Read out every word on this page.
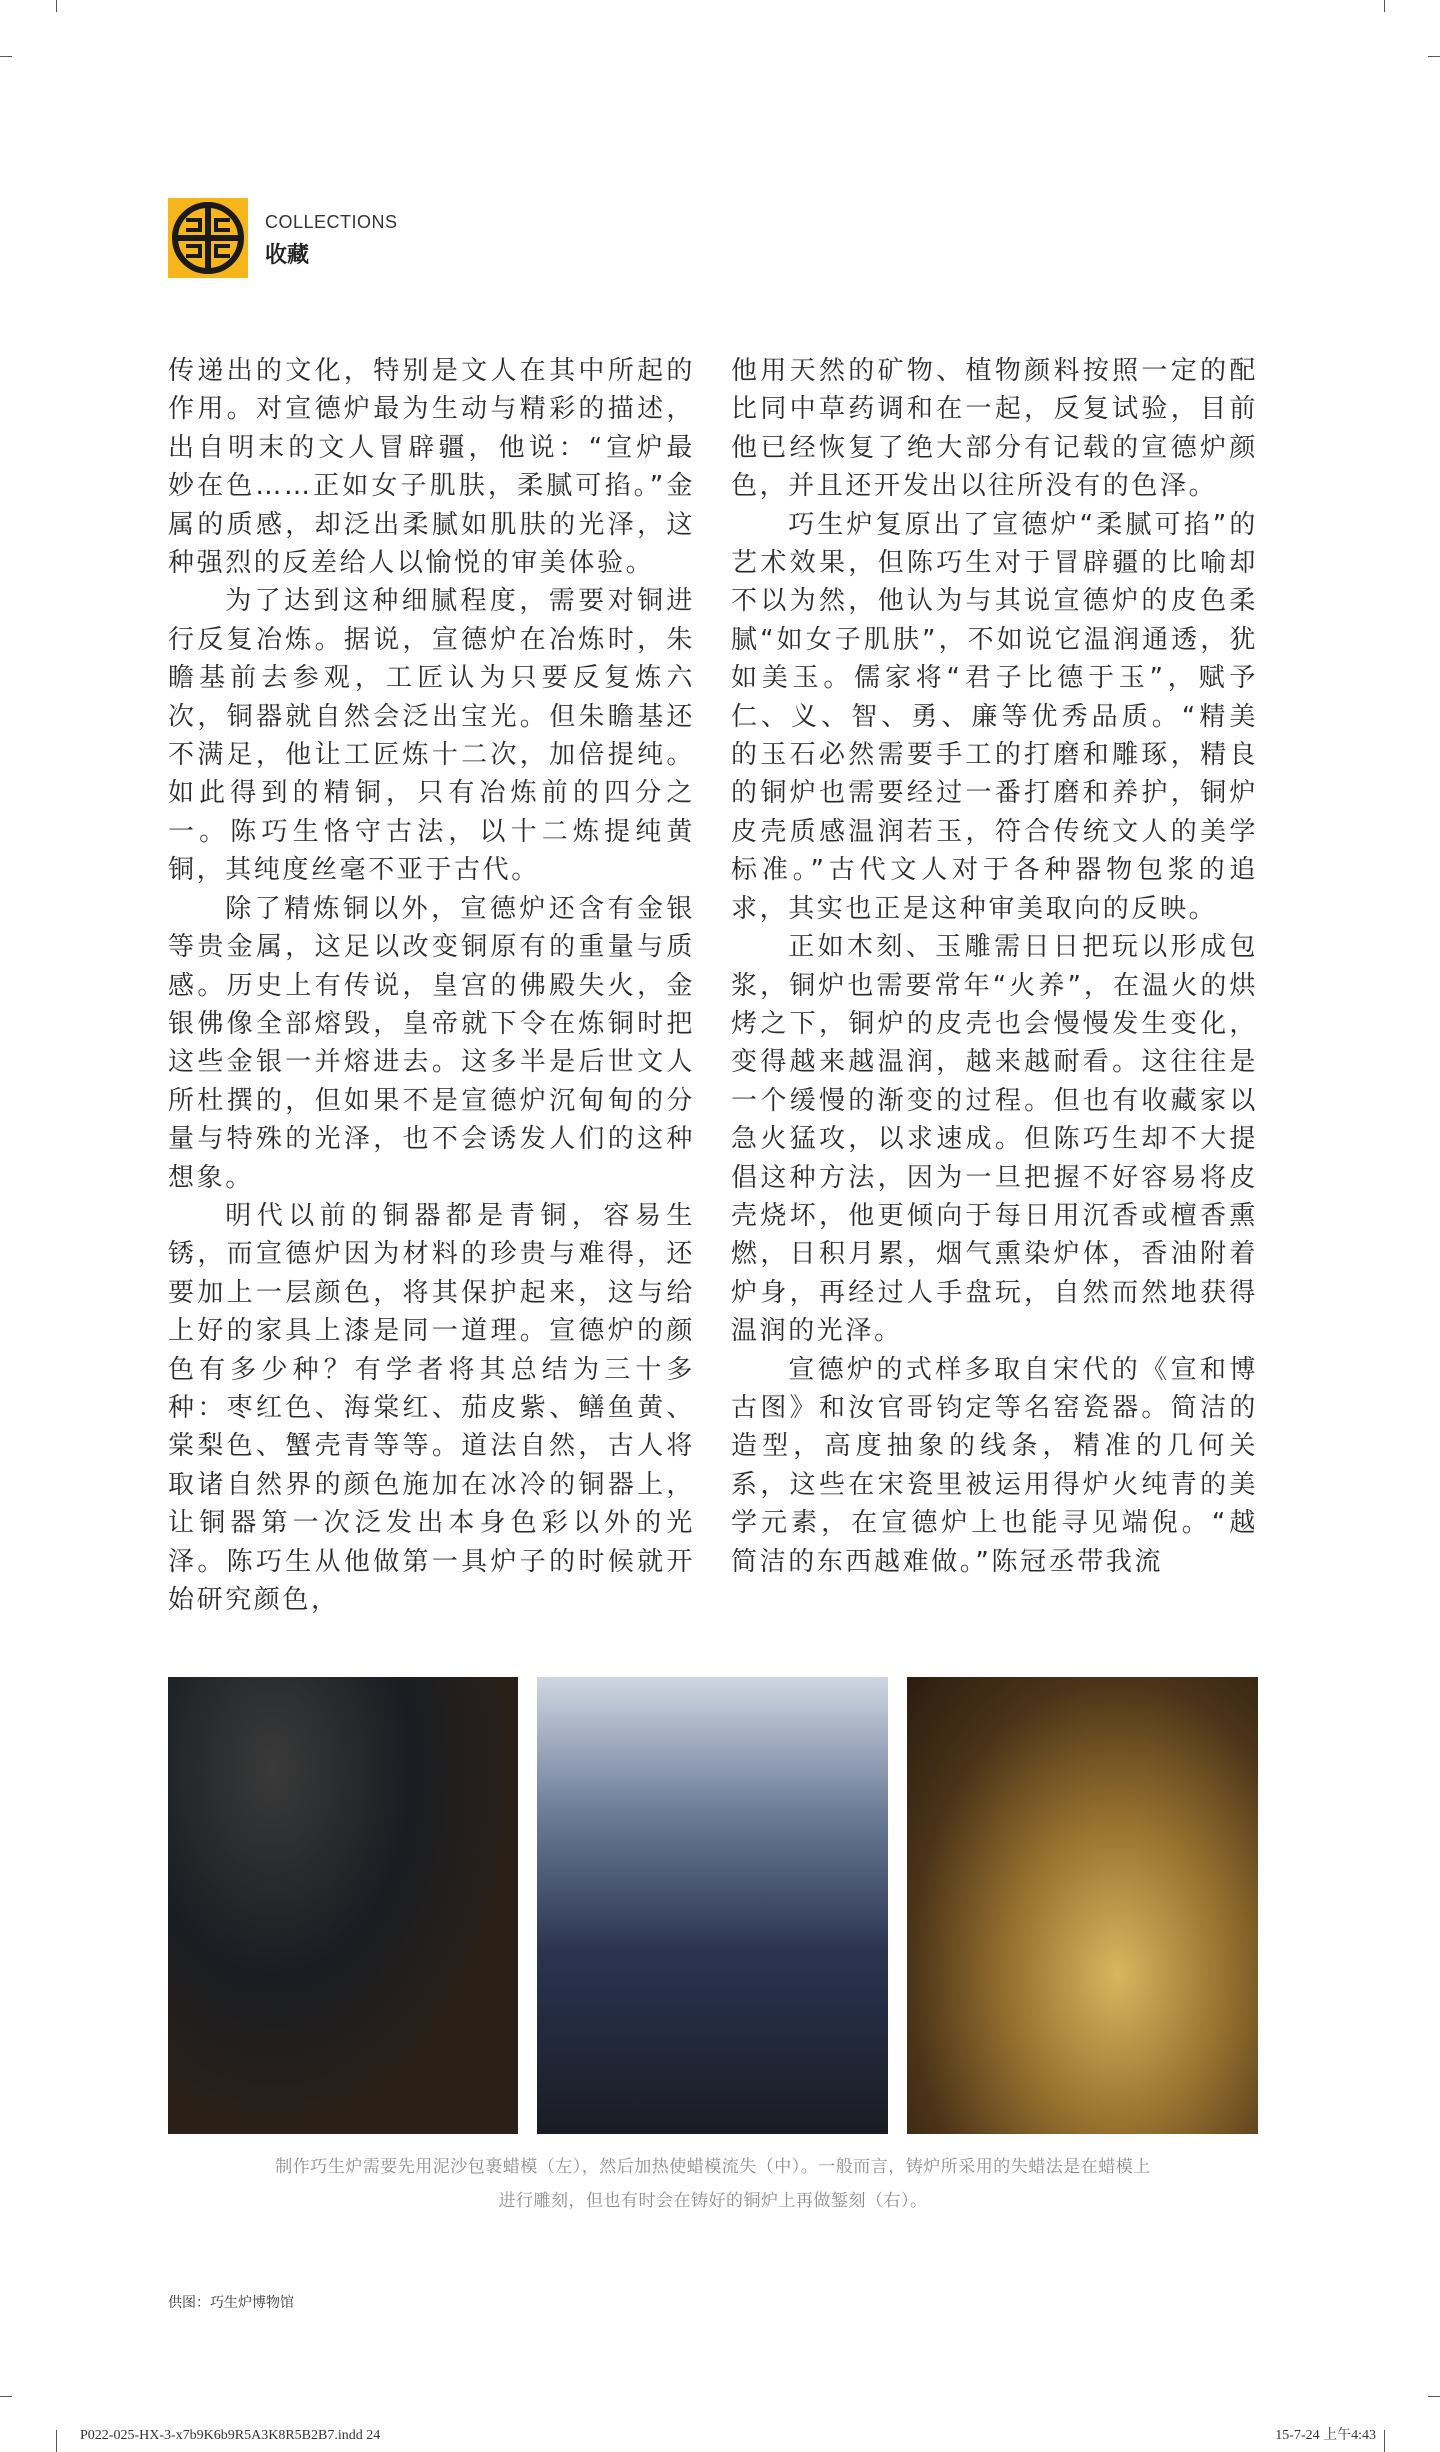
COLLECTIONS
收藏

传递出的文化，特别是文人在其中所起的作用。对宣德炉最为生动与精彩的描述，出自明末的文人冒辟疆，他说：“宣炉最妙在色……正如女子肌肤，柔腻可掐。”金属的质感，却泛出柔腻如肌肤的光泽，这种强烈的反差给人以愉悦的审美体验。

为了达到这种细腻程度，需要对铜进行反复冶炼。据说，宣德炉在冶炼时，朱瞻基前去参观，工匠认为只要反复炼六次，铜器就自然会泛出宝光。但朱瞻基还不满足，他让工匠炼十二次，加倍提纯。如此得到的精铜，只有冶炼前的四分之一。陈巧生恪守古法，以十二炼提纯黄铜，其纯度丝毫不亚于古代。

除了精炼铜以外，宣德炉还含有金银等贵金属，这足以改变铜原有的重量与质感。历史上有传说，皇宫的佛殿失火，金银佛像全部熔毁，皇帝就下令在炼铜时把这些金银一并熔进去。这多半是后世文人所杜撰的，但如果不是宣德炉沉甸甸的分量与特殊的光泽，也不会诱发人们的这种想象。

明代以前的铜器都是青铜，容易生锈，而宣德炉因为材料的珍贵与难得，还要加上一层颜色，将其保护起来，这与给上好的家具上漆是同一道理。宣德炉的颜色有多少种？有学者将其总结为三十多种：枣红色、海棠红、茄皮紫、鳝鱼黄、棠梨色、蟹壳青等等。道法自然，古人将取诸自然界的颜色施加在冰冷的铜器上，让铜器第一次泛发出本身色彩以外的光泽。陈巧生从他做第一具炉子的时候就开始研究颜色，

他用天然的矿物、植物颜料按照一定的配比同中草药调和在一起，反复试验，目前他已经恢复了绝大部分有记载的宣德炉颜色，并且还开发出以往所没有的色泽。

巧生炉复原出了宣德炉“柔腻可掐”的艺术效果，但陈巧生对于冒辟疆的比喻却不以为然，他认为与其说宣德炉的皮色柔腻“如女子肌肤”，不如说它温润通透，犹如美玉。儒家将“君子比德于玉”，赋予仁、义、智、勇、廉等优秀品质。“精美的玉石必然需要手工的打磨和雕琢，精良的铜炉也需要经过一番打磨和养护，铜炉皮壳质感温润若玉，符合传统文人的美学标准。”古代文人对于各种器物包浆的追求，其实也正是这种审美取向的反映。

正如木刻、玉雕需日日把玩以形成包浆，铜炉也需要常年“火养”，在温火的烘烤之下，铜炉的皮壳也会慢慢发生变化，变得越来越温润，越来越耐看。这往往是一个缓慢的渐变的过程。但也有收藏家以急火猛攻，以求速成。但陈巧生却不大提倡这种方法，因为一旦把握不好容易将皮壳烧坏，他更倾向于每日用沉香或檀香熏燃，日积月累，烟气熏染炉体，香油附着炉身，再经过人手盘玩，自然而然地获得温润的光泽。

宣德炉的式样多取自宋代的《宣和博古图》和汝官哥钧定等名窑瓷器。简洁的造型，高度抽象的线条，精准的几何关系，这些在宋瓷里被运用得炉火纯青的美学元素，在宣德炉上也能寻见端倪。“越简洁的东西越难做。”陈冠丞带我流

制作巧生炉需要先用泥沙包裹蜡模（左），然后加热使蜡模流失（中）。一般而言，铸炉所采用的失蜡法是在蜡模上
进行雕刻，但也有时会在铸好的铜炉上再做錾刻（右）。
供图：巧生炉博物馆
P022-025-HX-3-x7b9K6b9R5A3K8R5B2B7.indd 24	15-7-24 上午4:43
